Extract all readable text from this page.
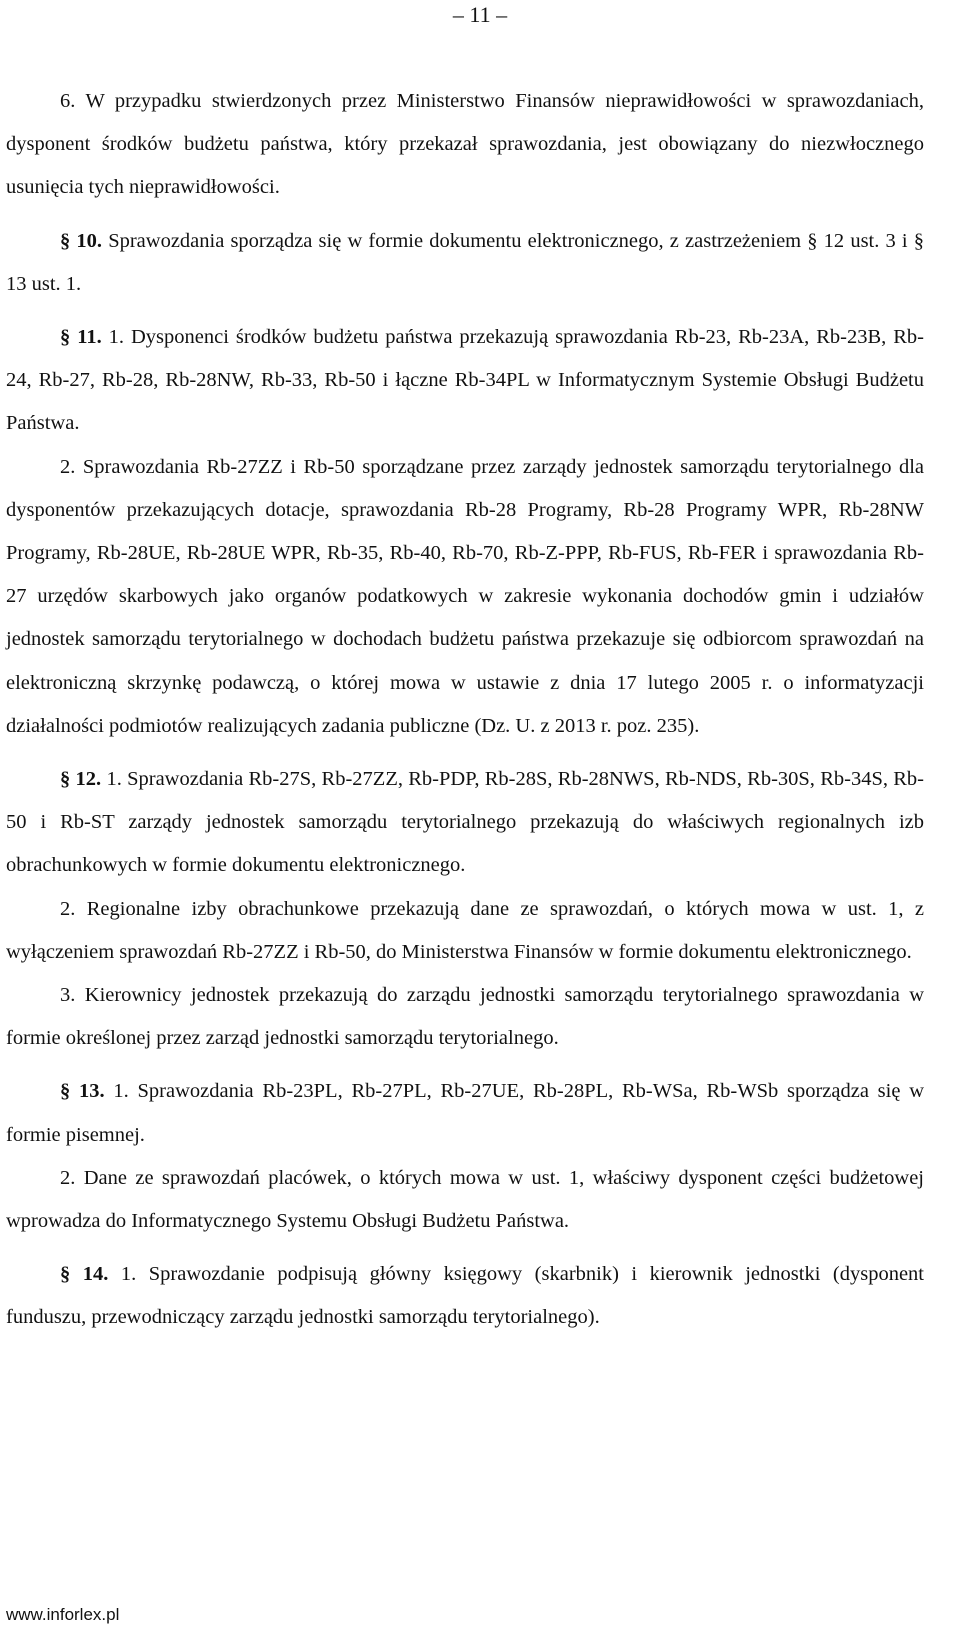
– 11 –

6. W przypadku stwierdzonych przez Ministerstwo Finansów nieprawidłowości w sprawozdaniach, dysponent środków budżetu państwa, który przekazał sprawozdania, jest obowiązany do niezwłocznego usunięcia tych nieprawidłowości.

§ 10. Sprawozdania sporządza się w formie dokumentu elektronicznego, z zastrzeżeniem § 12 ust. 3 i § 13 ust. 1.

§ 11. 1. Dysponenci środków budżetu państwa przekazują sprawozdania Rb-23, Rb-23A, Rb-23B, Rb-24, Rb-27, Rb-28, Rb-28NW, Rb-33, Rb-50 i łączne Rb-34PL w Informatycznym Systemie Obsługi Budżetu Państwa.

2. Sprawozdania Rb-27ZZ i Rb-50 sporządzane przez zarządy jednostek samorządu terytorialnego dla dysponentów przekazujących dotacje, sprawozdania Rb-28 Programy, Rb-28 Programy WPR, Rb-28NW Programy, Rb-28UE, Rb-28UE WPR, Rb-35, Rb-40, Rb-70, Rb-Z-PPP, Rb-FUS, Rb-FER i sprawozdania Rb-27 urzędów skarbowych jako organów podatkowych w zakresie wykonania dochodów gmin i udziałów jednostek samorządu terytorialnego w dochodach budżetu państwa przekazuje się odbiorcom sprawozdań na elektroniczną skrzynkę podawczą, o której mowa w ustawie z dnia 17 lutego 2005 r. o informatyzacji działalności podmiotów realizujących zadania publiczne (Dz. U. z 2013 r. poz. 235).

§ 12. 1. Sprawozdania Rb-27S, Rb-27ZZ, Rb-PDP, Rb-28S, Rb-28NWS, Rb-NDS, Rb-30S, Rb-34S, Rb-50 i Rb-ST zarządy jednostek samorządu terytorialnego przekazują do właściwych regionalnych izb obrachunkowych w formie dokumentu elektronicznego.

2. Regionalne izby obrachunkowe przekazują dane ze sprawozdań, o których mowa w ust. 1, z wyłączeniem sprawozdań Rb-27ZZ i Rb-50, do Ministerstwa Finansów w formie dokumentu elektronicznego.

3. Kierownicy jednostek przekazują do zarządu jednostki samorządu terytorialnego sprawozdania w formie określonej przez zarząd jednostki samorządu terytorialnego.

§ 13. 1. Sprawozdania Rb-23PL, Rb-27PL, Rb-27UE, Rb-28PL, Rb-WSa, Rb-WSb sporządza się w formie pisemnej.

2. Dane ze sprawozdań placówek, o których mowa w ust. 1, właściwy dysponent części budżetowej wprowadza do Informatycznego Systemu Obsługi Budżetu Państwa.

§ 14. 1. Sprawozdanie podpisują główny księgowy (skarbnik) i kierownik jednostki (dysponent funduszu, przewodniczący zarządu jednostki samorządu terytorialnego).

www.inforlex.pl
